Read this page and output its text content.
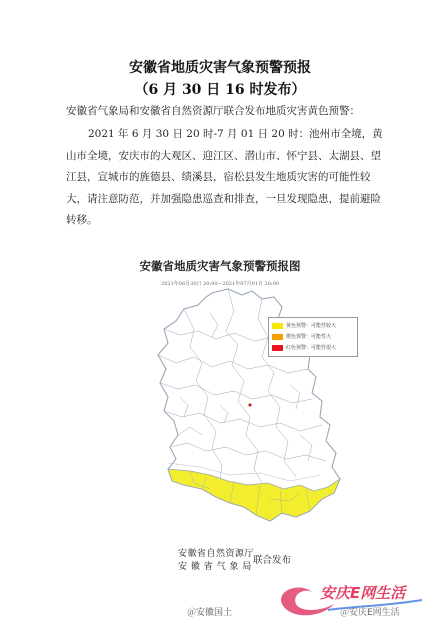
安徽省地质灾害气象预警预报
（6 月 30 日 16 时发布）
安徽省气象局和安徽省自然资源厅联合发布地质灾害黄色预警：
2021 年 6 月 30 日 20 时-7 月 01 日 20 时：池州市全境，黄山市全境，安庆市的大观区、迎江区、潜山市、怀宁县、太湖县、望江县，宣城市的旌德县、绩溪县，宿松县发生地质灾害的可能性较大，请注意防范，并加强隐患巡查和排查，一旦发现隐患，提前避险转移。
安徽省地质灾害气象预警预报图
2021年06月30日 20:00—2021年07月01日 20:00
黄色预警：可能性较大
橙色预警：可能性大
红色预警：可能性很大
安徽省自然资源厅
安 徽 省 气 象 局
联合发布
安庆E网生活
＠安徽国土	＠安庆E网生活
